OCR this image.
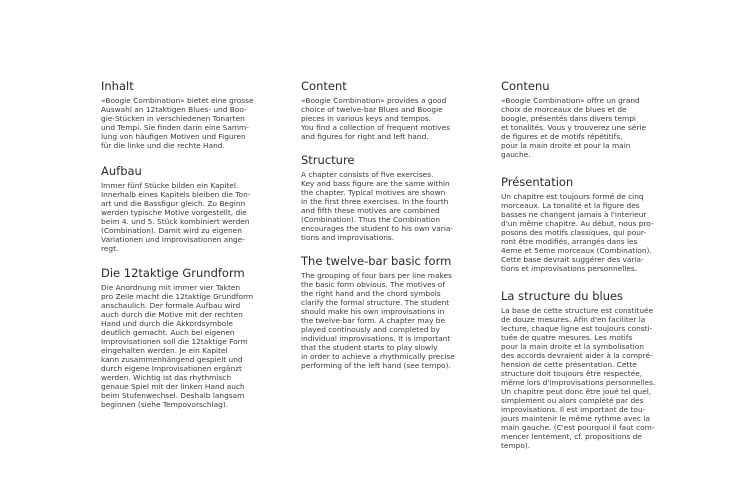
Inhalt

«Boogie Combination» bietet eine grosse
Auswahl an 12taktigen Blues- und Boo-
gie-Stücken in verschiedenen Tonarten
und Tempi. Sie finden darin eine Samm-
lung von häufigen Motiven und Figuren
für die linke und die rechte Hand.

Aufbau

Immer fünf Stücke bilden ein Kapitel.
Innerhalb eines Kapitels bleiben die Ton-
art und die Bassfigur gleich. Zu Beginn
werden typische Motive vorgestellt, die
beim 4. und 5. Stück kombiniert werden
(Combination). Damit wird zu eigenen
Variationen und Improvisationen ange-
regt.

Die 12taktige Grundform

Die Anordnung mit immer vier Takten
pro Zeile macht die 12taktige Grundform
anschaulich. Der formale Aufbau wird
auch durch die Motive mit der rechten
Hand und durch die Akkordsymbole
deutlich gemacht. Auch bei eigenen
Improvisationen soll die 12taktige Form
eingehalten werden. Je ein Kapitel
kann zusammenhängend gespielt und
durch eigene Improvisationen ergänzt
werden. Wichtig ist das rhythmisch
genaue Spiel mit der linken Hand auch
beim Stufenwechsel. Deshalb langsam
beginnen (siehe Tempovorschlag).

Content

«Boogie Combination» provides a good
choice of twelve-bar Blues and Boogie
pieces in various keys and tempos.
You find a collection of frequent motives
and figures for right and left hand.

Structure

A chapter consists of five exercises.
Key and bass figure are the same within
the chapter. Typical motives are shown
in the first three exercises. In the fourth
and fifth these motives are combined
(Combination). Thus the Combination
encourages the student to his own varia-
tions and improvisations.

The twelve-bar basic form

The grouping of four bars per line makes
the basic form obvious. The motives of
the right hand and the chord symbols
clarify the formal structure. The student
should make his own improvisations in
the twelve-bar form. A chapter may be
played continously and completed by
individual improvisations. It is important
that the student starts to play slowly
in order to achieve a rhythmically precise
performing of the left hand (see tempo).

Contenu

«Boogie Combination» offre un grand
choix de morceaux de blues et de
boogie, présentés dans divers tempi
et tonalités. Vous y trouverez une série
de figures et de motifs répétitifs,
pour la main droite et pour la main
gauche.

Présentation

Un chapitre est toujours formé de cinq
morceaux. La tonalité et la figure des
basses ne changent jamais à l'interieur
d'un même chapitre. Au début, nous pro-
posons des motifs classiques, qui pour-
ront être modifiés, arrangés dans les
4eme et 5eme morceaux (Combination).
Cette base devrait suggérer des varia-
tions et improvisations personnelles.

La structure du blues

La base de cette structure est constituée
de douze mesures. Afin d'en faciliter la
lecture, chaque ligne est toujours consti-
tuée de quatre mesures. Les motifs
pour la main droite et la symbolisation
des accords devraient aider à la compré-
hension de cette présentation. Cette
structure doit toujours être respectée,
même lors d'improvisations personnelles.
Un chapitre peut donc être joué tel quel,
simplement ou alors complété par des
improvisations. Il est important de tou-
jours maintenir le même rythme avec la
main gauche. (C'est pourquoi il faut com-
mencer lentement, cf. propositions de
tempo).
